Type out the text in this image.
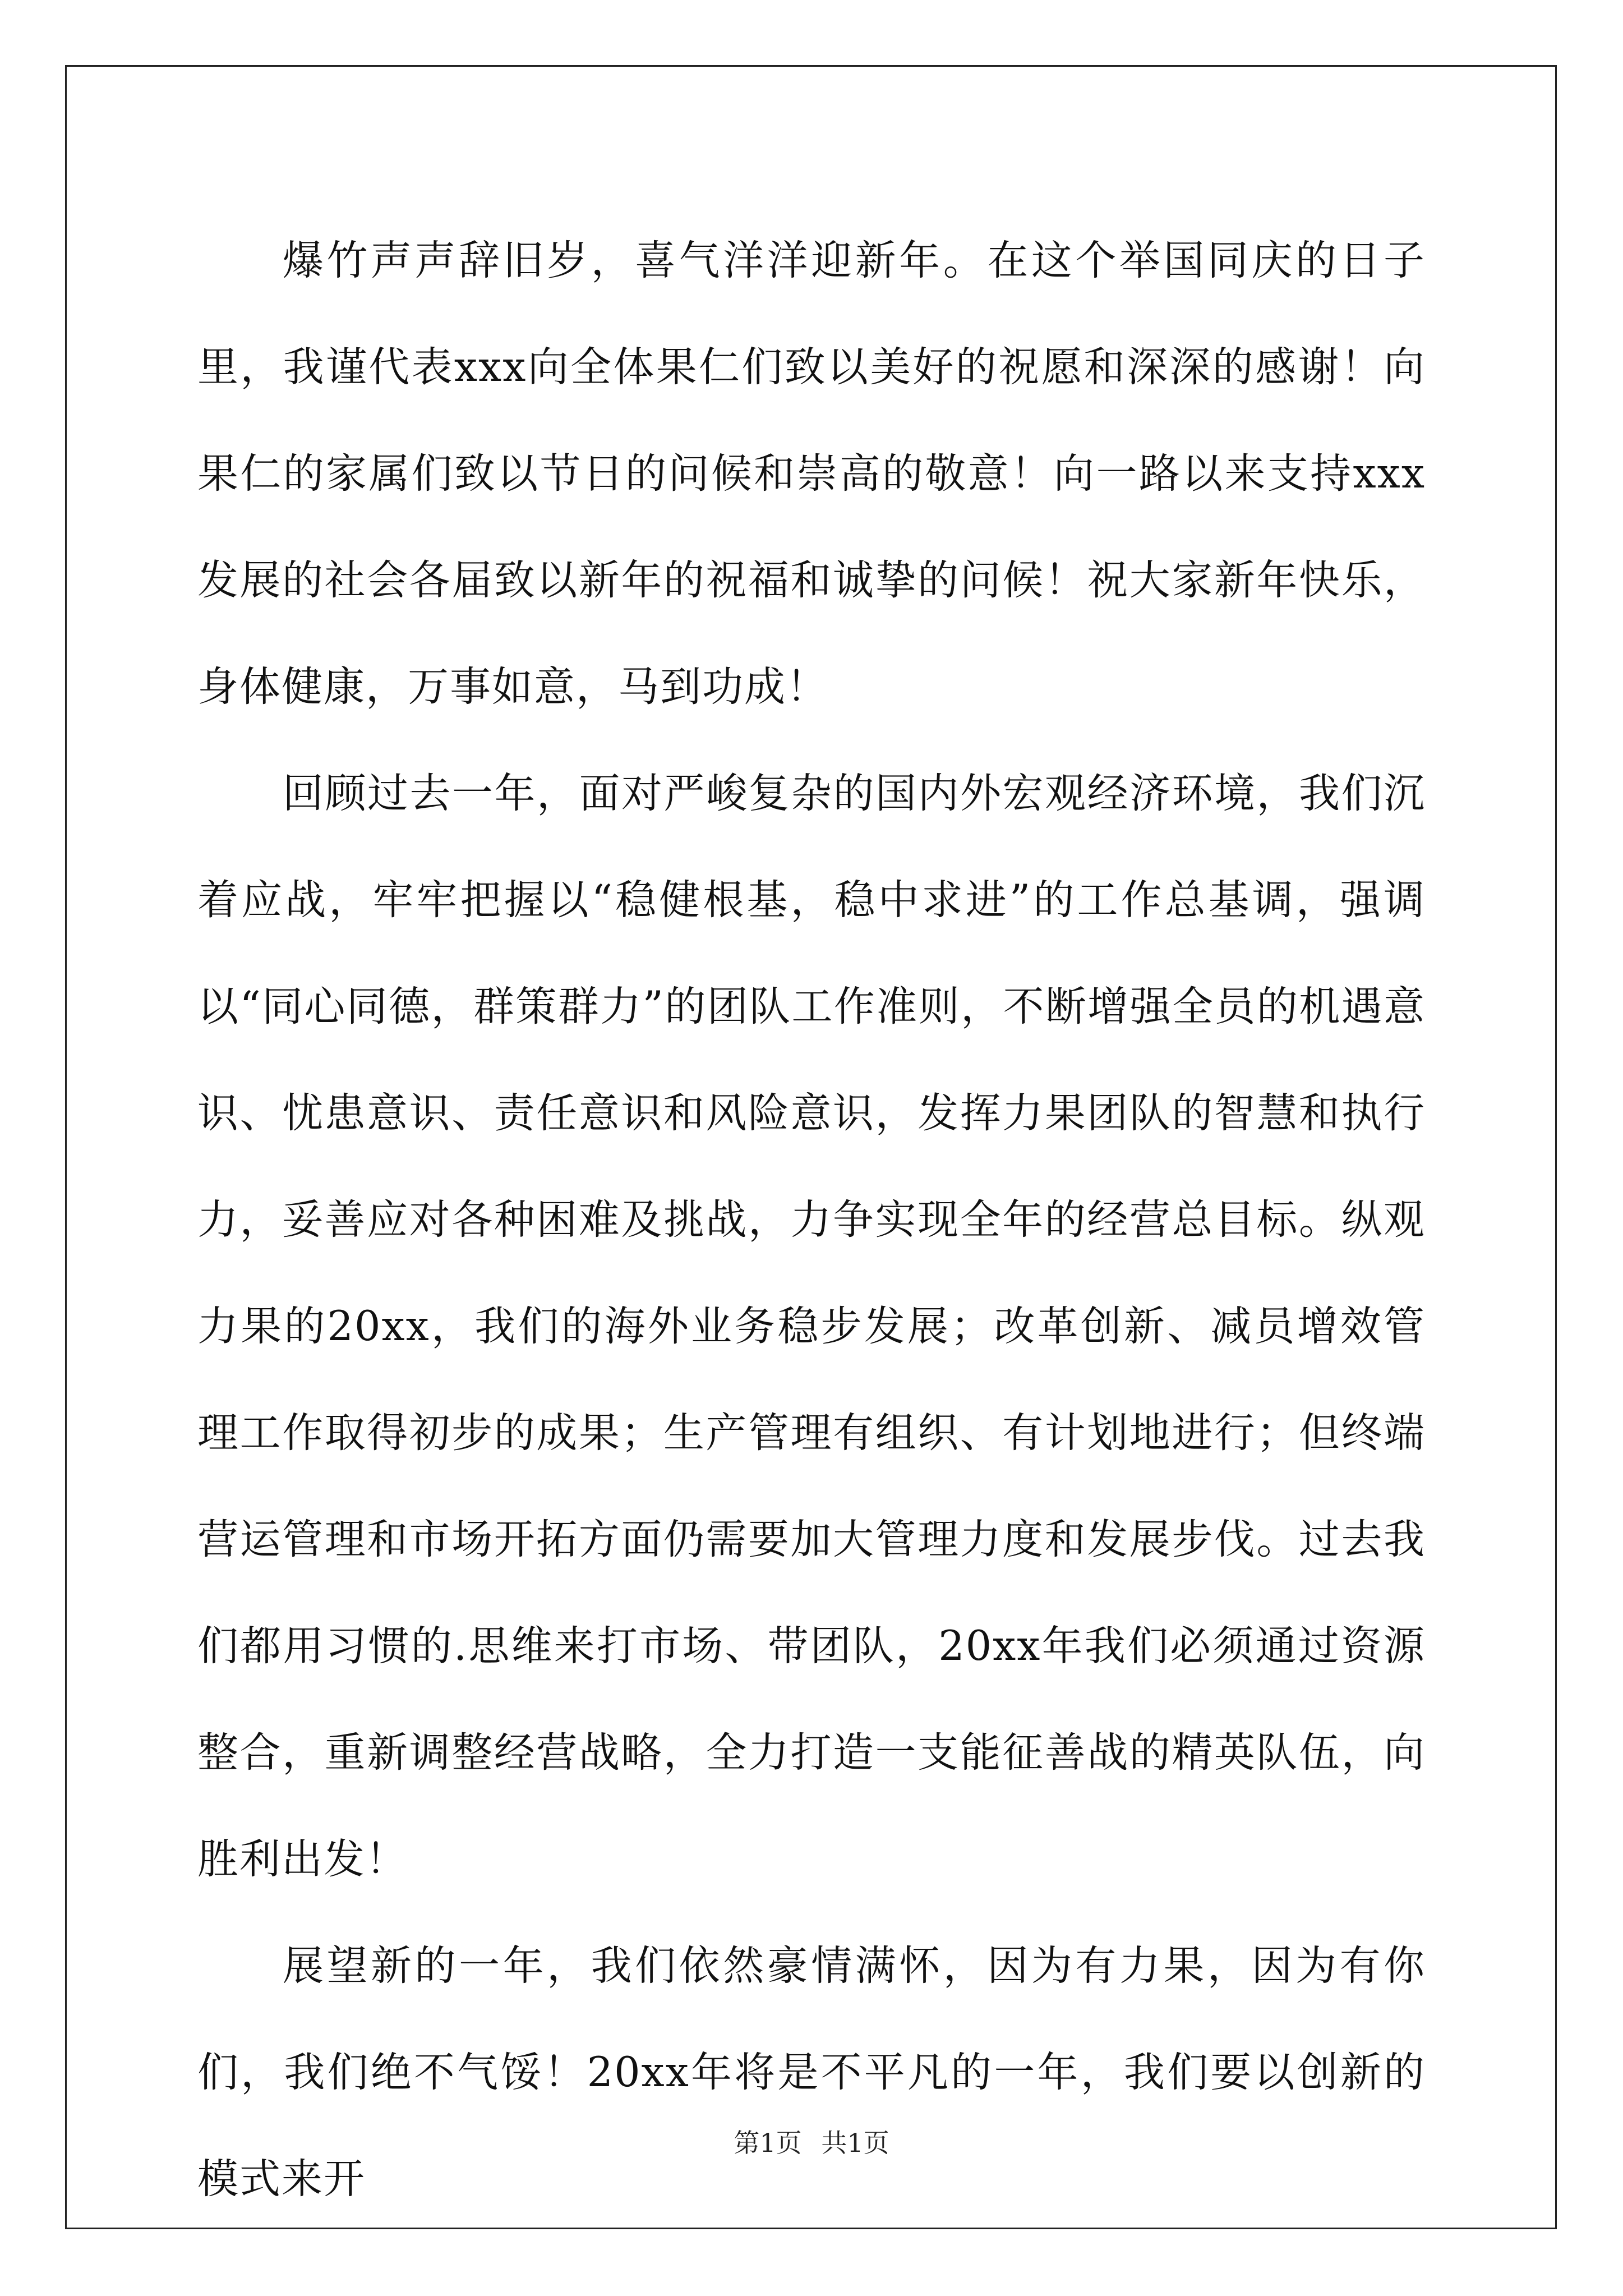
爆竹声声辞旧岁，喜气洋洋迎新年。在这个举国同庆的日子里，我谨代表xxx向全体果仁们致以美好的祝愿和深深的感谢！向果仁的家属们致以节日的问候和崇高的敬意！向一路以来支持xxx发展的社会各届致以新年的祝福和诚挚的问候！祝大家新年快乐，身体健康，万事如意，马到功成！

回顾过去一年，面对严峻复杂的国内外宏观经济环境，我们沉着应战，牢牢把握以“稳健根基，稳中求进”的工作总基调，强调以“同心同德，群策群力”的团队工作准则，不断增强全员的机遇意识、忧患意识、责任意识和风险意识，发挥力果团队的智慧和执行力，妥善应对各种困难及挑战，力争实现全年的经营总目标。纵观力果的20xx，我们的海外业务稳步发展；改革创新、减员增效管理工作取得初步的成果；生产管理有组织、有计划地进行；但终端营运管理和市场开拓方面仍需要加大管理力度和发展步伐。过去我们都用习惯的.思维来打市场、带团队，20xx年我们必须通过资源整合，重新调整经营战略，全力打造一支能征善战的精英队伍，向胜利出发！

展望新的一年，我们依然豪情满怀，因为有力果，因为有你们，我们绝不气馁！20xx年将是不平凡的一年，我们要以创新的模式来开

第1页 共1页
